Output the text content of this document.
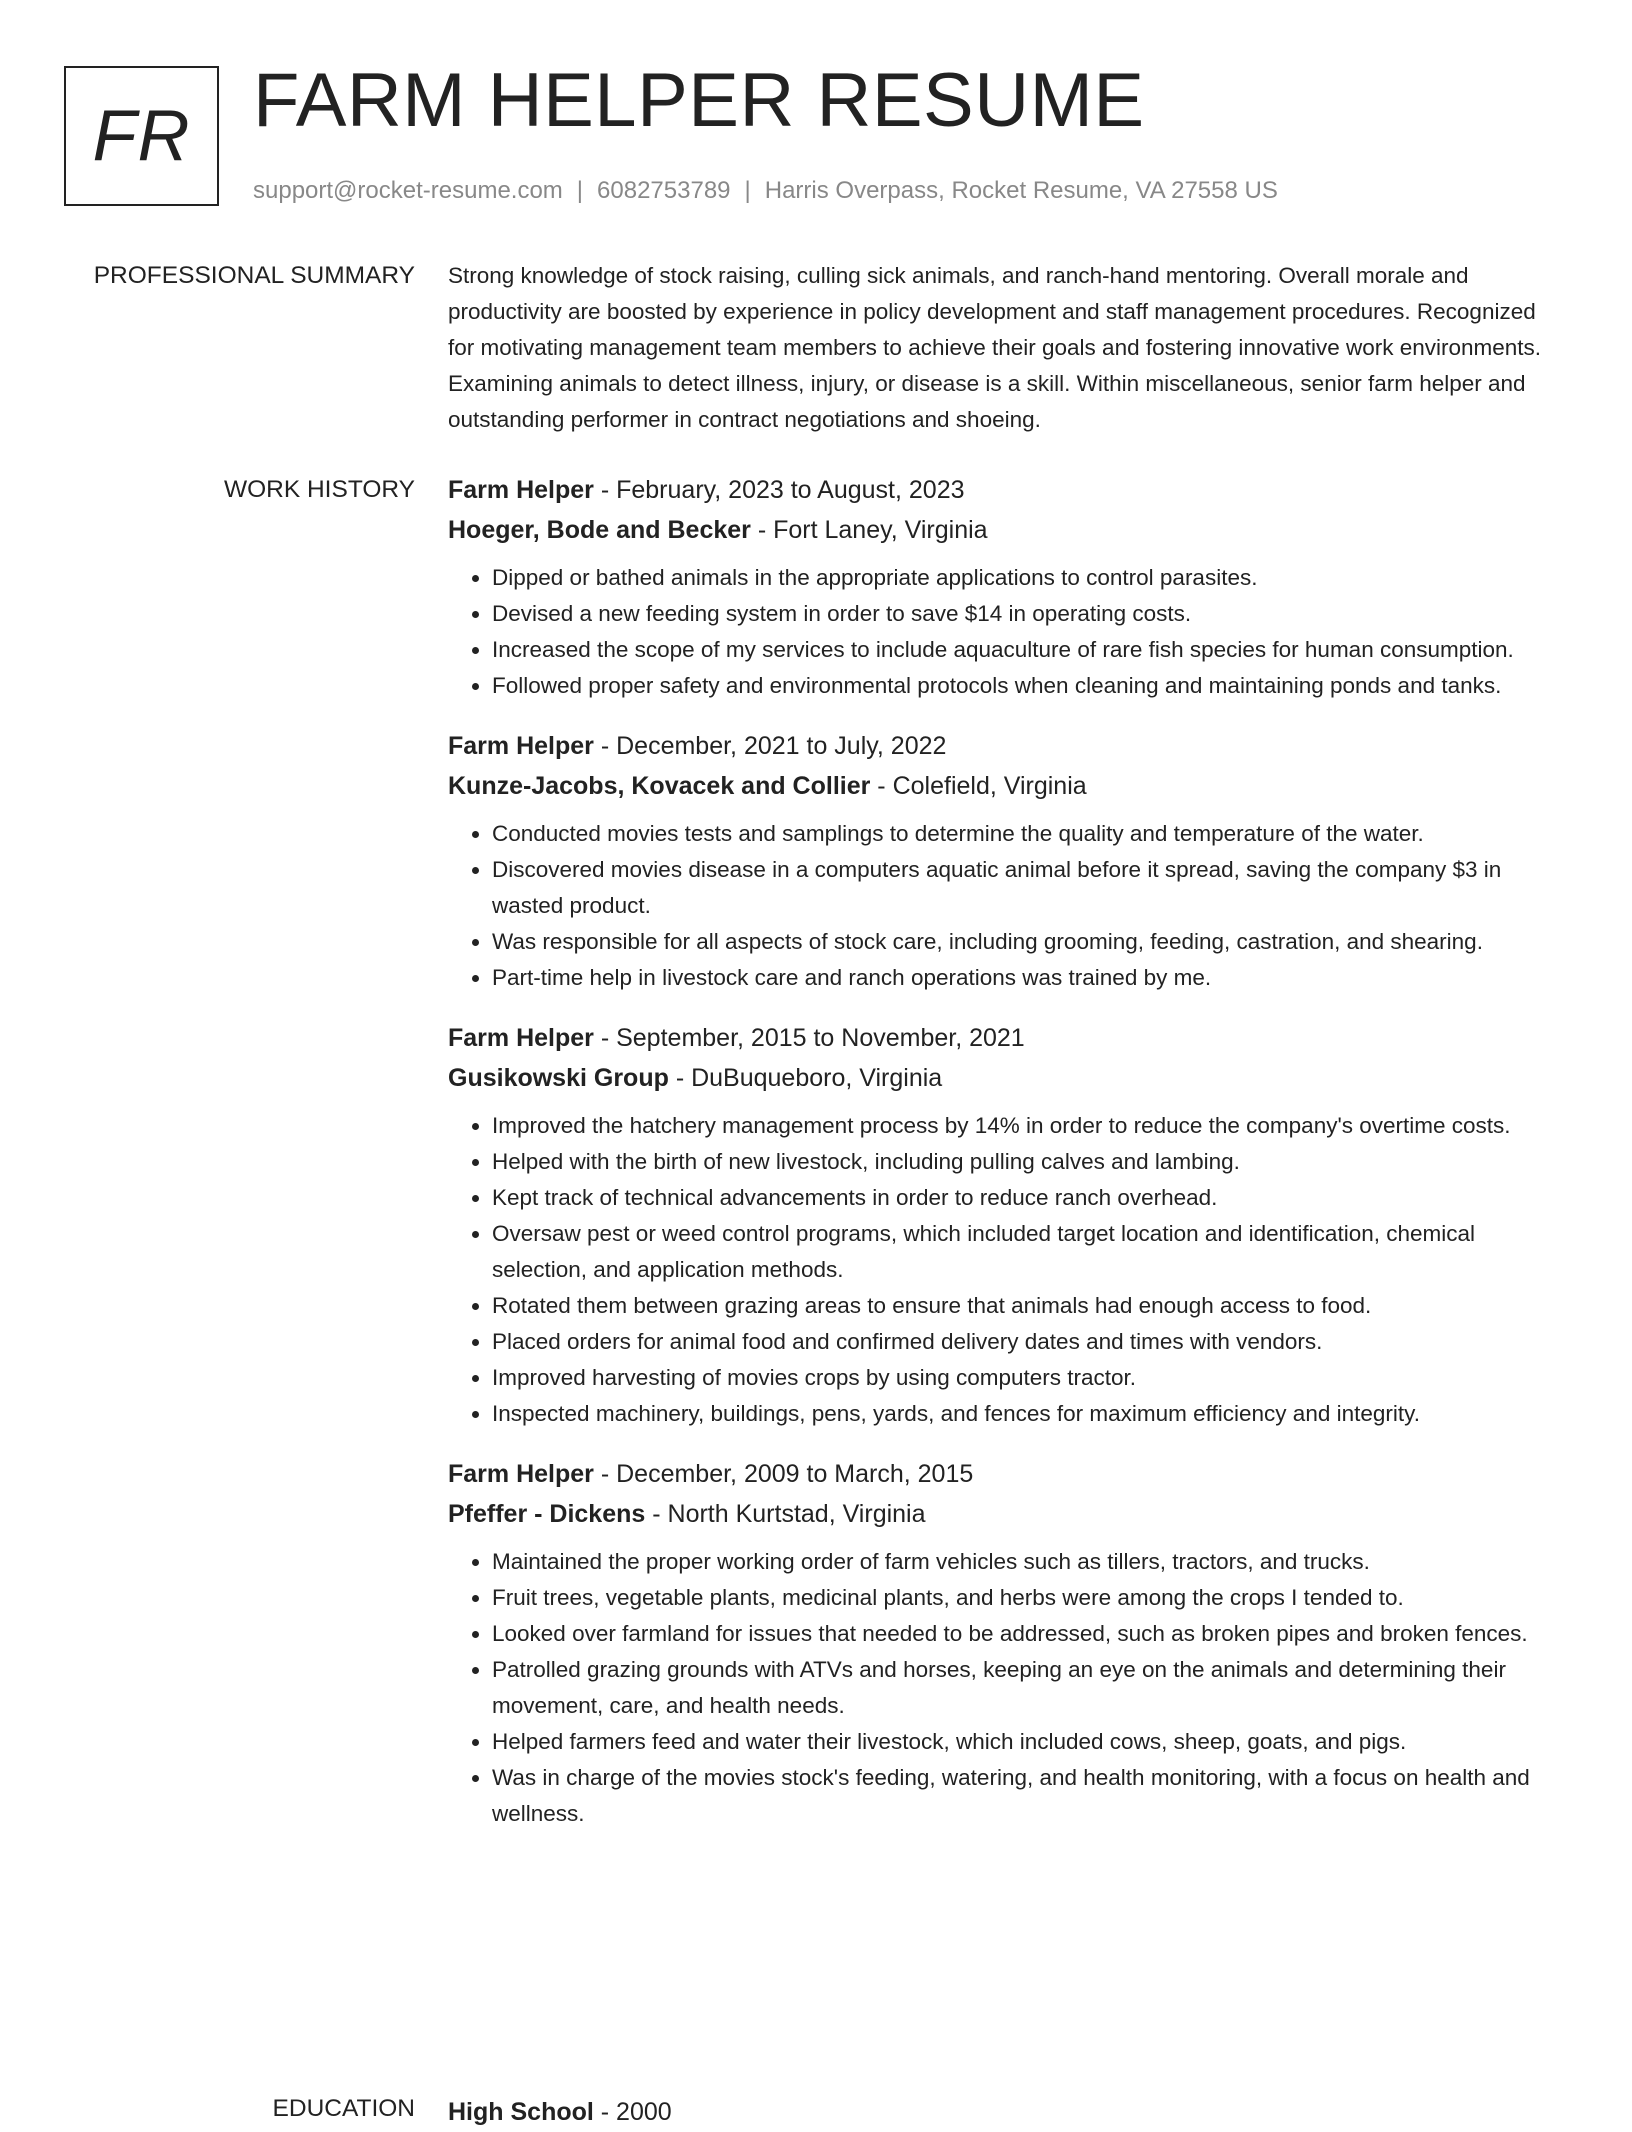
FR FARM HELPER RESUME
support@rocket-resume.com | 6082753789 | Harris Overpass, Rocket Resume, VA 27558 US
PROFESSIONAL SUMMARY Strong knowledge of stock raising, culling sick animals, and ranch-hand mentoring. Overall morale and productivity are boosted by experience in policy development and staff management procedures. Recognized for motivating management team members to achieve their goals and fostering innovative work environments. Examining animals to detect illness, injury, or disease is a skill. Within miscellaneous, senior farm helper and outstanding performer in contract negotiations and shoeing.

WORK HISTORY Farm Helper - February, 2023 to August, 2023
Hoeger, Bode and Becker - Fort Laney, Virginia
• Dipped or bathed animals in the appropriate applications to control parasites.
• Devised a new feeding system in order to save $14 in operating costs.
• Increased the scope of my services to include aquaculture of rare fish species for human consumption.
• Followed proper safety and environmental protocols when cleaning and maintaining ponds and tanks.
Farm Helper - December, 2021 to July, 2022
Kunze-Jacobs, Kovacek and Collier - Colefield, Virginia
• Conducted movies tests and samplings to determine the quality and temperature of the water.
• Discovered movies disease in a computers aquatic animal before it spread, saving the company $3 in wasted product.
• Was responsible for all aspects of stock care, including grooming, feeding, castration, and shearing.
• Part-time help in livestock care and ranch operations was trained by me.
Farm Helper - September, 2015 to November, 2021
Gusikowski Group - DuBuqueboro, Virginia
• Improved the hatchery management process by 14% in order to reduce the company's overtime costs.
• Helped with the birth of new livestock, including pulling calves and lambing.
• Kept track of technical advancements in order to reduce ranch overhead.
• Oversaw pest or weed control programs, which included target location and identification, chemical selection, and application methods.
• Rotated them between grazing areas to ensure that animals had enough access to food.
• Placed orders for animal food and confirmed delivery dates and times with vendors.
• Improved harvesting of movies crops by using computers tractor.
• Inspected machinery, buildings, pens, yards, and fences for maximum efficiency and integrity.
Farm Helper - December, 2009 to March, 2015
Pfeffer - Dickens - North Kurtstad, Virginia
• Maintained the proper working order of farm vehicles such as tillers, tractors, and trucks.
• Fruit trees, vegetable plants, medicinal plants, and herbs were among the crops I tended to.
• Looked over farmland for issues that needed to be addressed, such as broken pipes and broken fences.
• Patrolled grazing grounds with ATVs and horses, keeping an eye on the animals and determining their movement, care, and health needs.
• Helped farmers feed and water their livestock, which included cows, sheep, goats, and pigs.
• Was in charge of the movies stock's feeding, watering, and health monitoring, with a focus on health and wellness.
EDUCATION High School - 2000
